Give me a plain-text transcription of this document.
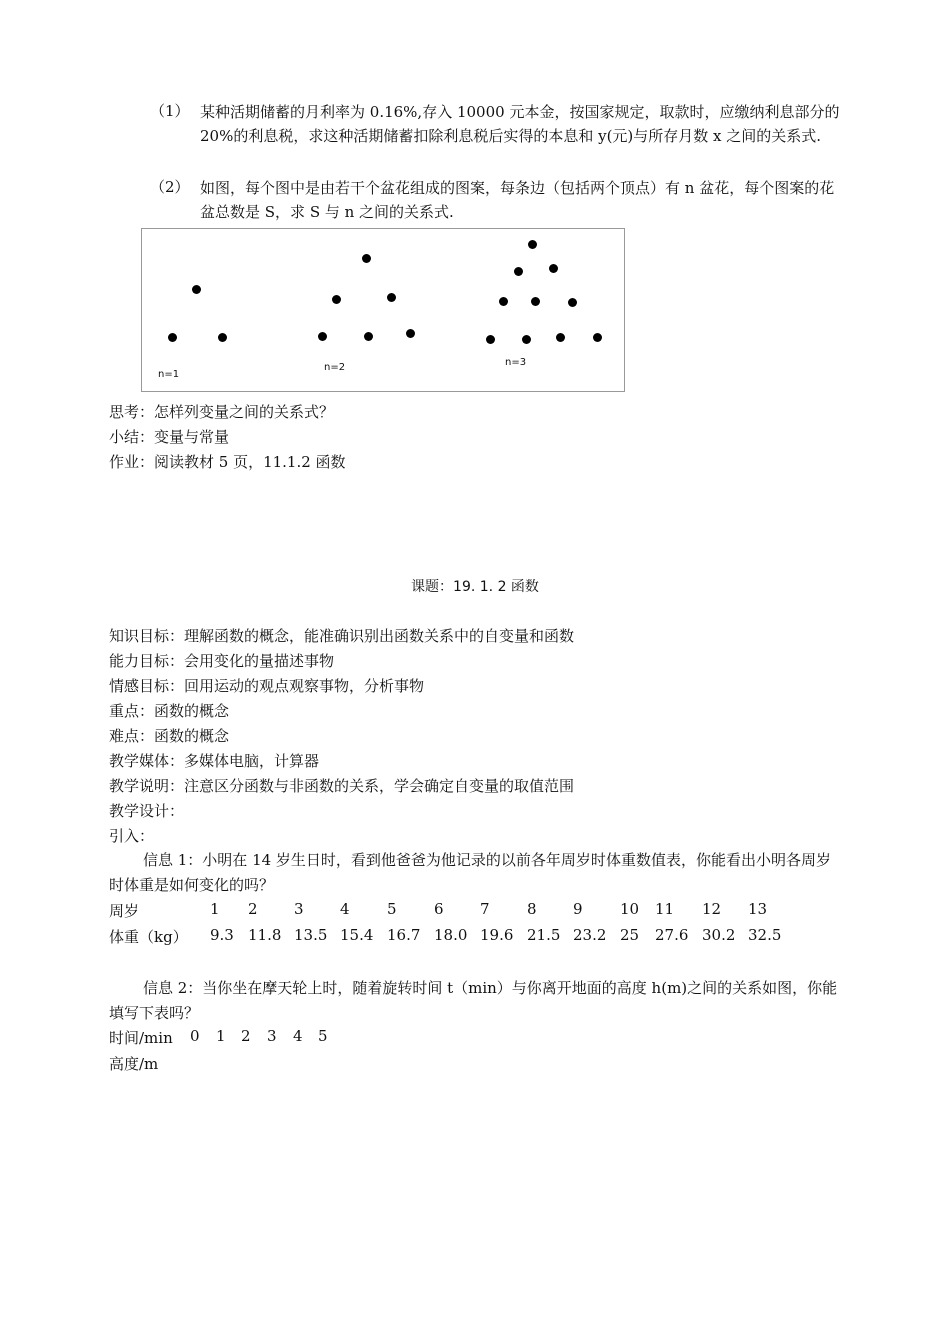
（1） 某种活期储蓄的月利率为 0.16%,存入 10000 元本金，按国家规定，取款时，应缴纳利息部分的 20%的利息税，求这种活期储蓄扣除利息税后实得的本息和 y(元)与所存月数 x 之间的关系式.
（2） 如图，每个图中是由若干个盆花组成的图案，每条边（包括两个顶点）有 n 盆花，每个图案的花盆总数是 S，求 S 与 n 之间的关系式.
n=1
n=2	n=3
思考：怎样列变量之间的关系式？
小结：变量与常量
作业：阅读教材 5 页，11.1.2 函数
课题：19. 1. 2 函数
知识目标：理解函数的概念，能准确识别出函数关系中的自变量和函数
能力目标：会用变化的量描述事物
情感目标：回用运动的观点观察事物，分析事物
重点：函数的概念
难点：函数的概念
教学媒体：多媒体电脑，计算器
教学说明：注意区分函数与非函数的关系，学会确定自变量的取值范围
教学设计：
引入：
信息 1：小明在 14 岁生日时，看到他爸爸为他记录的以前各年周岁时体重数值表，你能看出小明各周岁时体重是如何变化的吗？
周岁	1 2 3 4 5 6 7 8 9 10 11 12 13
体重（kg） 9.3 11.8 13.5 15.4 16.7 18.0 19.6 21.5 23.2 25 27.6 30.2 32.5
信息 2：当你坐在摩天轮上时，随着旋转时间 t（min）与你离开地面的高度 h(m)之间的关系如图，你能填写下表吗？
时间/min 0 1 2 3 4 5
高度/m
